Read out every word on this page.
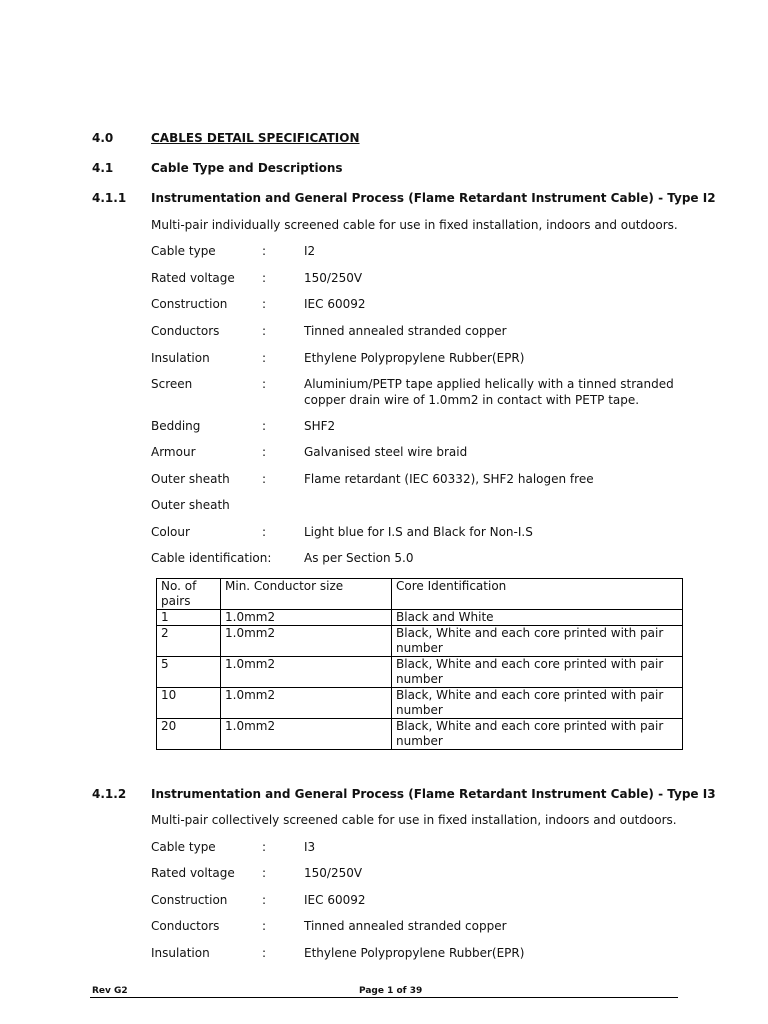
4.0	CABLES DETAIL SPECIFICATION
4.1	Cable Type and Descriptions
4.1.1 Instrumentation and General Process (Flame Retardant Instrument Cable) - Type I2
Multi-pair individually screened cable for use in fixed installation, indoors and outdoors.
Cable type	:	I2
Rated voltage :	150/250V
Construction	:	IEC 60092
Conductors	:	Tinned annealed stranded copper
Insulation	:	Ethylene Polypropylene Rubber(EPR)
Screen	:	Aluminium/PETP tape applied helically with a tinned stranded copper drain wire of 1.0mm2 in contact with PETP tape.
Bedding	:	SHF2
Armour	:	Galvanised steel wire braid
Outer sheath	:	Flame retardant (IEC 60332), SHF2 halogen free
Outer sheath
Colour	:	Light blue for I.S and Black for Non-I.S
Cable identification:	As per Section 5.0
No. of pairs	Min. Conductor size	Core Identification
1	1.0mm2	Black and White
2	1.0mm2	Black, White and each core printed with pair number
5	1.0mm2	Black, White and each core printed with pair number
10	1.0mm2	Black, White and each core printed with pair number
20	1.0mm2	Black, White and each core printed with pair number
4.1.2 Instrumentation and General Process (Flame Retardant Instrument Cable) - Type I3
Multi-pair collectively screened cable for use in fixed installation, indoors and outdoors.
Cable type	:	I3
Rated voltage :	150/250V
Construction	:	IEC 60092
Conductors	:	Tinned annealed stranded copper
Insulation	:	Ethylene Polypropylene Rubber(EPR)
Rev G2	Page 1 of 39
